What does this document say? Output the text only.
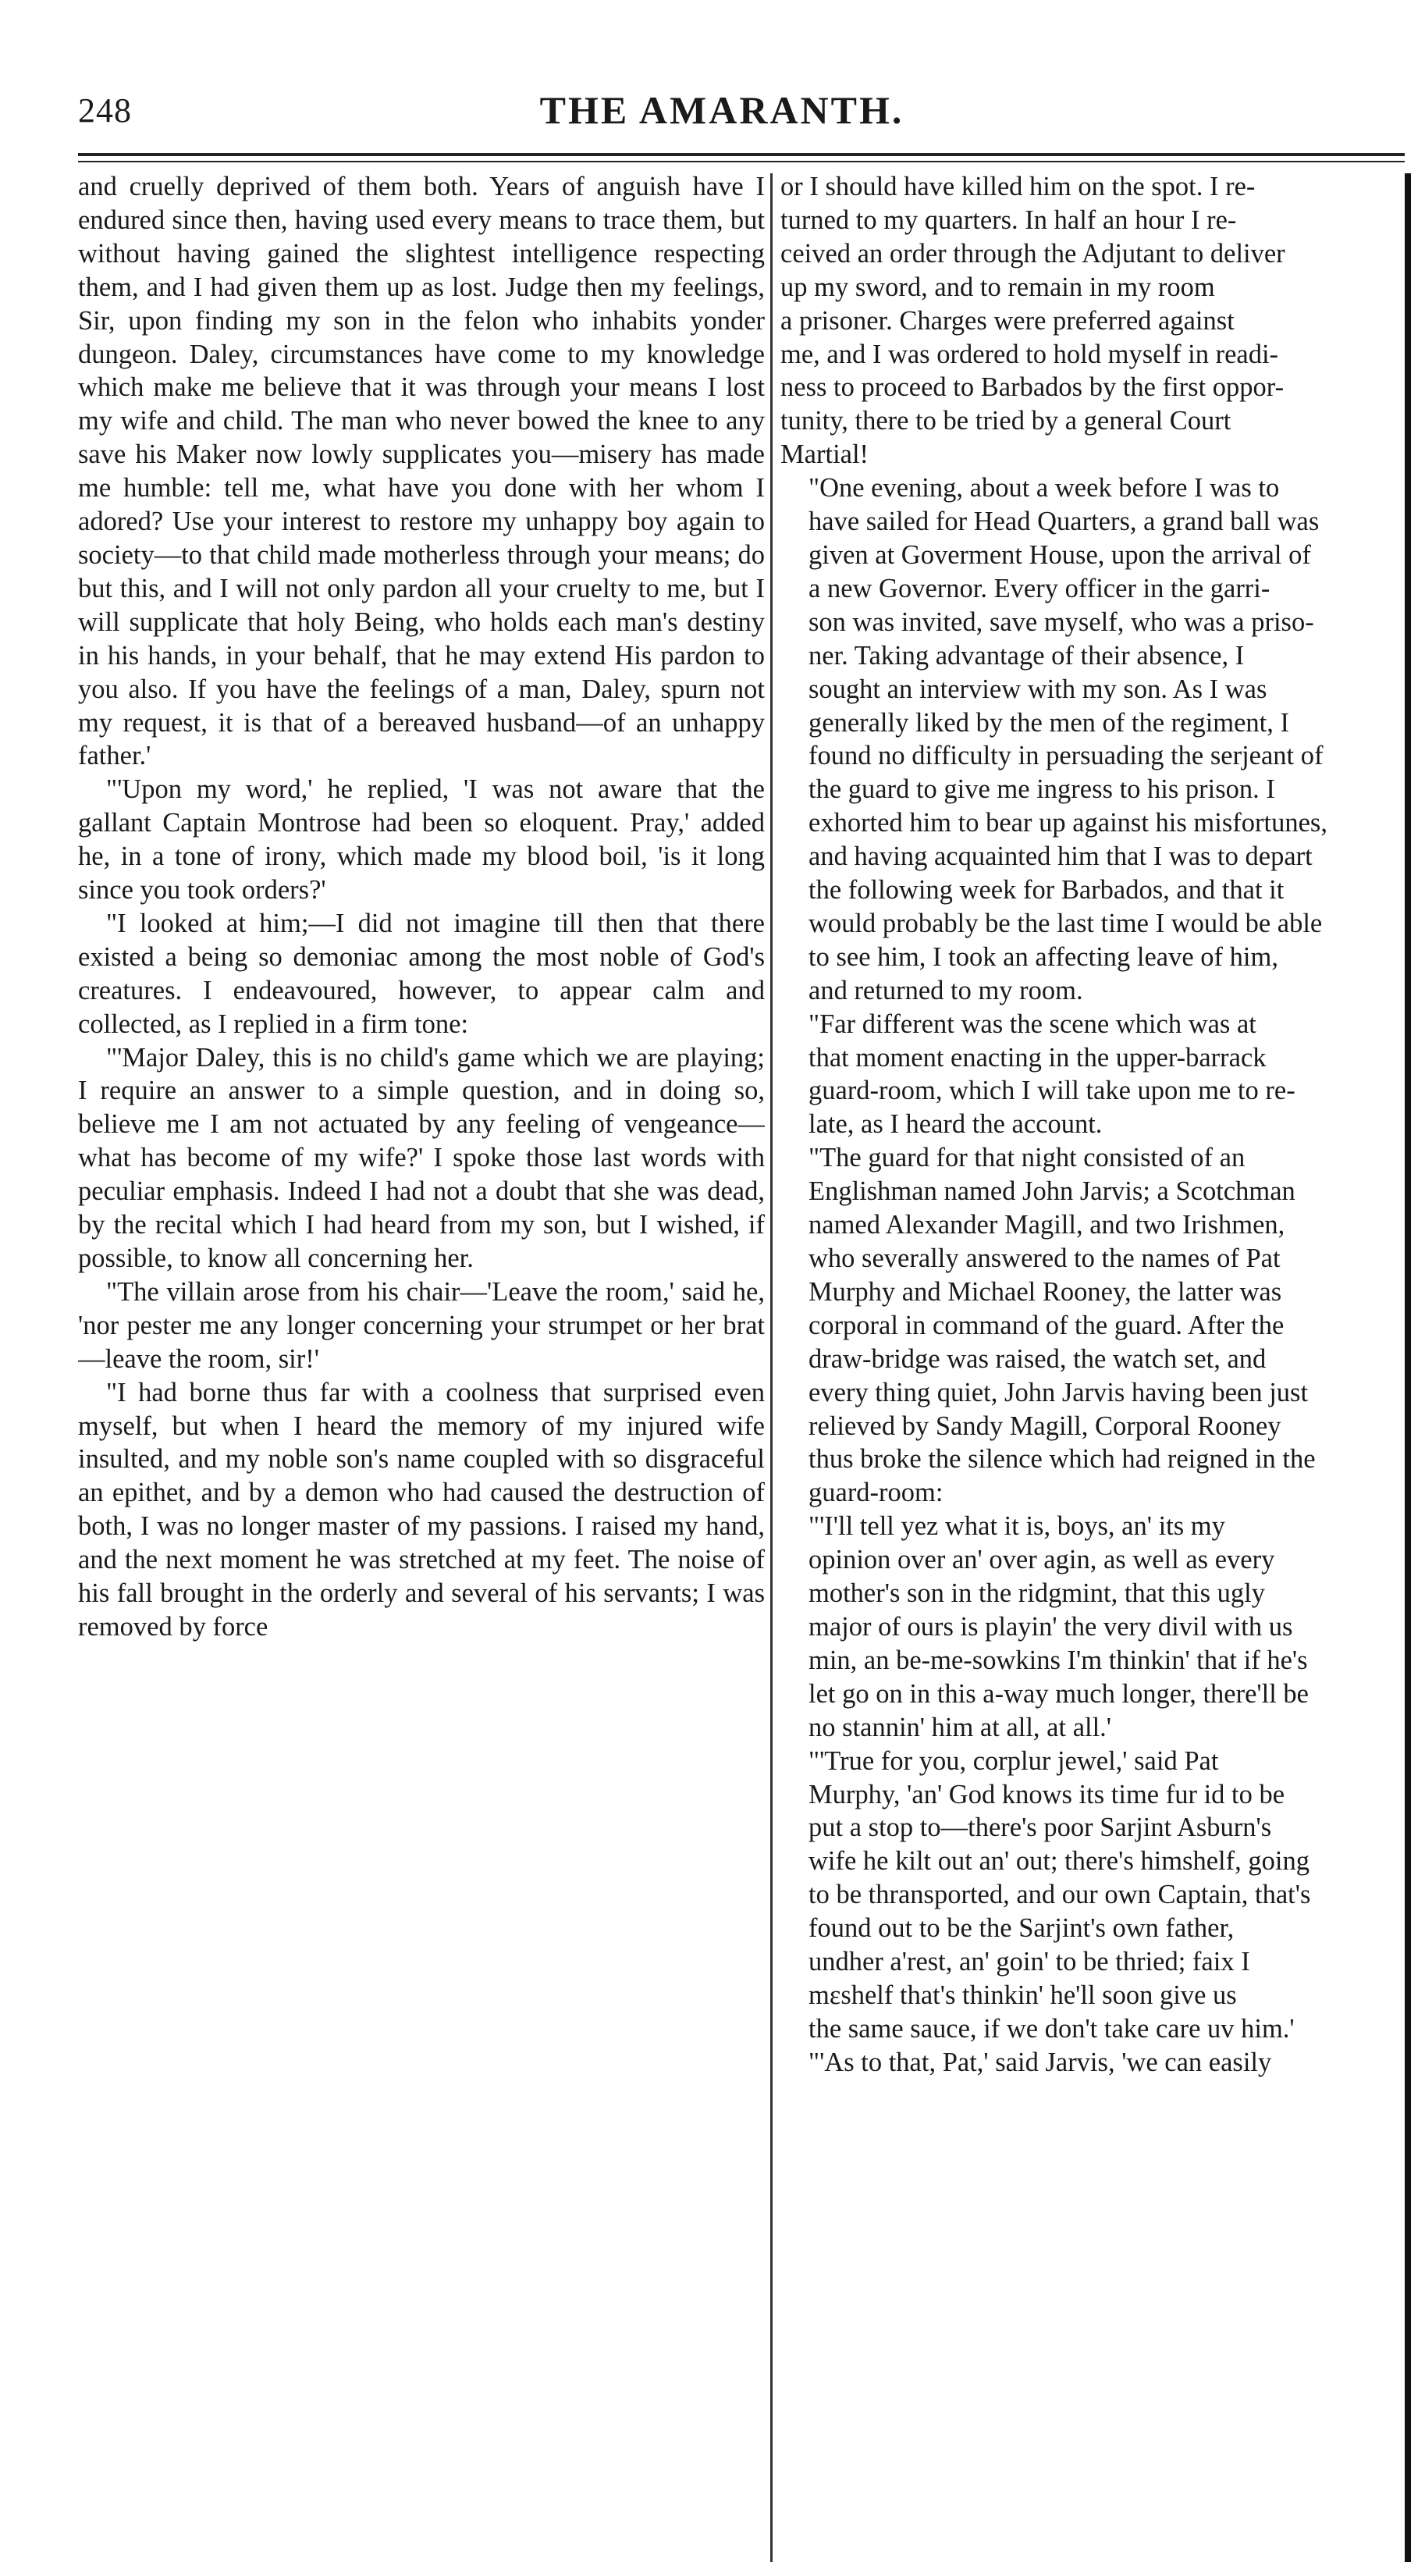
248	THE AMARANTH.

and cruelly deprived of them both. Years of anguish have I endured since then, having used every means to trace them, but without having gained the slightest intelligence respecting them, and I had given them up as lost. Judge then my feelings, Sir, upon finding my son in the felon who inhabits yonder dungeon. Daley, circumstances have come to my knowledge which make me believe that it was through your means I lost my wife and child. The man who never bowed the knee to any save his Maker now lowly supplicates you—misery has made me humble: tell me, what have you done with her whom I adored? Use your interest to restore my unhappy boy again to society—to that child made motherless through your means; do but this, and I will not only pardon all your cruelty to me, but I will supplicate that holy Being, who holds each man's destiny in his hands, in your behalf, that he may extend His pardon to you also. If you have the feelings of a man, Daley, spurn not my request, it is that of a bereaved husband—of an unhappy father.'

"'Upon my word,' he replied, 'I was not aware that the gallant Captain Montrose had been so eloquent. Pray,' added he, in a tone of irony, which made my blood boil, 'is it long since you took orders?'

"I looked at him;—I did not imagine till then that there existed a being so demoniac among the most noble of God's creatures. I endeavoured, however, to appear calm and collected, as I replied in a firm tone:

"'Major Daley, this is no child's game which we are playing; I require an answer to a simple question, and in doing so, believe me I am not actuated by any feeling of vengeance—what has become of my wife?' I spoke those last words with peculiar emphasis. Indeed I had not a doubt that she was dead, by the recital which I had heard from my son, but I wished, if possible, to know all concerning her.

"The villain arose from his chair—'Leave the room,' said he, 'nor pester me any longer concerning your strumpet or her brat—leave the room, sir!'

"I had borne thus far with a coolness that surprised even myself, but when I heard the memory of my injured wife insulted, and my noble son's name coupled with so disgraceful an epithet, and by a demon who had caused the destruction of both, I was no longer master of my passions. I raised my hand, and the next moment he was stretched at my feet. The noise of his fall brought in the orderly and several of his servants; I was removed by force

or I should have killed him on the spot. I re-
turned to my quarters. In half an hour I re-
ceived an order through the Adjutant to deliver
up my sword, and to remain in my room
a prisoner. Charges were preferred against
me, and I was ordered to hold myself in readi-
ness to proceed to Barbados by the first oppor-
tunity, there to be tried by a general Court
Martial!

"One evening, about a week before I was to
have sailed for Head Quarters, a grand ball was
given at Goverment House, upon the arrival of
a new Governor. Every officer in the garri-
son was invited, save myself, who was a priso-
ner. Taking advantage of their absence, I
sought an interview with my son. As I was
generally liked by the men of the regiment, I
found no difficulty in persuading the serjeant of
the guard to give me ingress to his prison. I
exhorted him to bear up against his misfortunes,
and having acquainted him that I was to depart
the following week for Barbados, and that it
would probably be the last time I would be able
to see him, I took an affecting leave of him,
and returned to my room.

"Far different was the scene which was at
that moment enacting in the upper-barrack
guard-room, which I will take upon me to re-
late, as I heard the account.

"The guard for that night consisted of an
Englishman named John Jarvis; a Scotchman
named Alexander Magill, and two Irishmen,
who severally answered to the names of Pat
Murphy and Michael Rooney, the latter was
corporal in command of the guard. After the
draw-bridge was raised, the watch set, and
every thing quiet, John Jarvis having been just
relieved by Sandy Magill, Corporal Rooney
thus broke the silence which had reigned in the
guard-room:

"'I'll tell yez what it is, boys, an' its my
opinion over an' over agin, as well as every
mother's son in the ridgmint, that this ugly
major of ours is playin' the very divil with us
min, an be-me-sowkins I'm thinkin' that if he's
let go on in this a-way much longer, there'll be
no stannin' him at all, at all.'

"'True for you, corplur jewel,' said Pat
Murphy, 'an' God knows its time fur id to be
put a stop to—there's poor Sarjint Asburn's
wife he kilt out an' out; there's himshelf, going
to be thransported, and our own Captain, that's
found out to be the Sarjint's own father,
undher a'rest, an' goin' to be thried; faix I
mεshelf that's thinkin' he'll soon give us
the same sauce, if we don't take care uv him.'

"'As to that, Pat,' said Jarvis, 'we can easily
